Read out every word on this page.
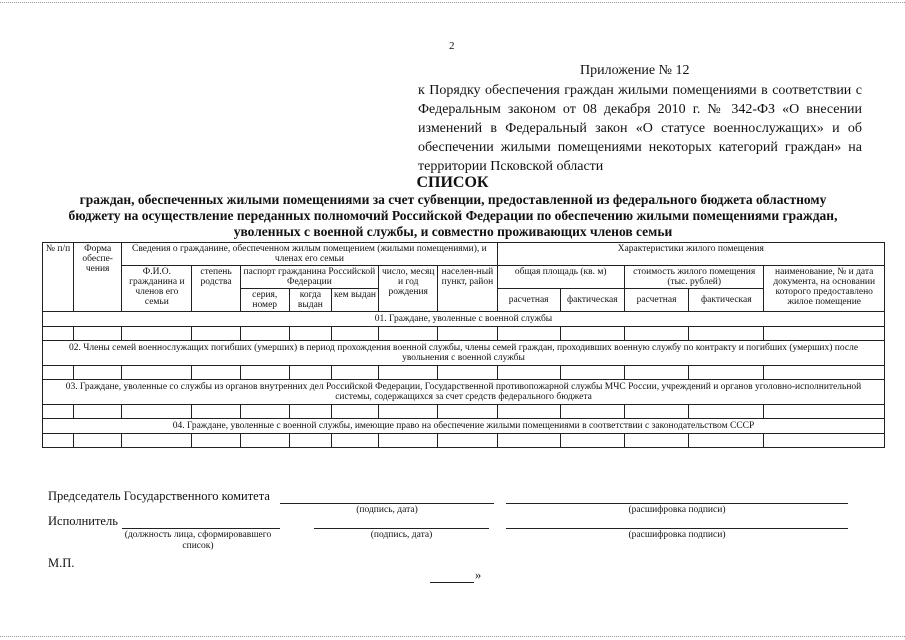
2
Приложение № 12
к Порядку обеспечения граждан жилыми помещениями в соответствии с Федеральным законом от 08 декабря 2010 г. № 342-ФЗ «О внесении изменений в Федеральный закон «О статусе военнослужащих» и об обеспечении жилыми помещениями некоторых категорий граждан» на территории Псковской области
СПИСОК
граждан, обеспеченных жилыми помещениями за счет субвенции, предоставленной из федерального бюджета областному бюджету на осуществление переданных полномочий Российской Федерации по обеспечению жилыми помещениями граждан, уволенных с военной службы, и совместно проживающих членов семьи
№ п/п	Форма обеспе-чения	Сведения о гражданине, обеспеченном жилым помещением (жилыми помещениями), и членах его семьи							Характеристики жилого помещения				
		Ф.И.О. гражданина и членов его семьи	степень родства	паспорт гражданина Российской Федерации			число, месяц и год рождения	населен-ный пункт, район	общая площадь (кв. м)		стоимость жилого помещения (тыс. рублей)		наименование, № и дата документа, на основании которого предоставлено жилое помещение
				серия, номер	когда выдан	кем выдан			расчетная	фактическая	расчетная	фактическая	
01. Граждане, уволенные с военной службы													

02. Члены семей военнослужащих погибших (умерших) в период прохождения военной службы, члены семей граждан, проходивших военную службу по контракту и погибших (умерших) после увольнения с военной службы													

03. Граждане, уволенные со службы из органов внутренних дел Российской Федерации, Государственной противопожарной службы МЧС России, учреждений и органов уголовно-исполнительной системы, содержащихся за счет средств федерального бюджета													

04. Граждане, уволенные с военной службы, имеющие право на обеспечение жилыми помещениями в соответствии с законодательством СССР													

Председатель Государственного комитета
(подпись, дата)	(расшифровка подписи)
Исполнитель
(должность лица, сформировавшего список)
(подпись, дата)	(расшифровка подписи)
М.П.
»
